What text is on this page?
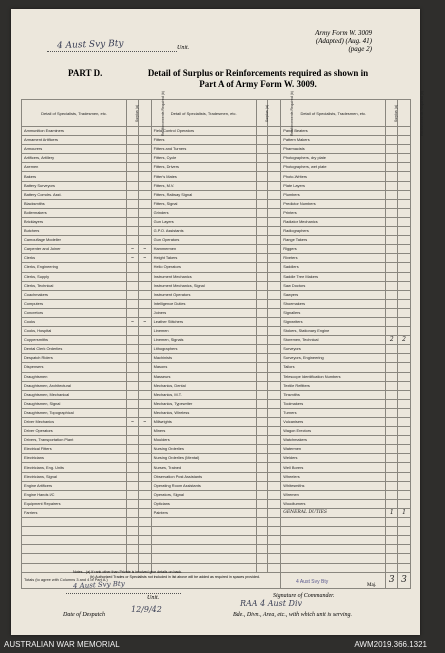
4 Aust Svy Bty	Unit.
Army Form W. 3009
(Adapted) (Aug. 41)
(page 2)
PART D.	Detail of Surplus or Reinforcements required as shown in
Part A of Army Form W. 3009.
Detail of Specialists, Tradesmen, etc.	Surplus (a)	Reinforcements Required (b)	Detail of Specialists, Tradesmen, etc.	Surplus (a)	Reinforcements Required (b)	Detail of Specialists, Tradesmen, etc.	Surplus (a)	Reinforcements Required (b)
Ammunition Examiners			Field Control Operators			Panel Beaters		
Armament Artificers			Fitters			Pattern Makers		
Armourers			Fitters and Turners			Pharmacists		
Artificers, Artillery			Fitters, Cycle			Photographers, dry plate		
Axemen			Fitters, Drivers			Photographers, wet plate		
Bakers			Fitter's Mates			Photo-Writers		
Battery Surveyors			Fitters, M.V.			Plate Layers		
Battery Comdrs. Asst.			Fitters, Railway Signal			Plumbers		
Blacksmiths			Fitters, Signal			Predictor Numbers		
Boilermakers			Grinders			Printers		
Bricklayers			Gun Layers			Radiator Mechanics		
Butchers			G.P.O. Assistants			Radiographers		
Camouflage Modeller			Gun Operators			Range Takers		
Carpenter and Joiner	–	–	Hammermen			Riggers		
Clerks	–	–	Height Takers			Riveters		
Clerks, Engineering			Helio Operators			Saddlers		
Clerks, Supply			Instrument Mechanics			Saddle Tree Makers		
Clerks, Technical			Instrument Mechanics, Signal			Saw Doctors		
Coachmakers			Instrument Operators			Sawyers		
Computers			Intelligence Duties			Shoemakers		
Concretors			Joiners			Signallers		
Cooks	–	–	Leather Stitchers			Signwriters		
Cooks, Hospital			Linemen			Stokers, Stationary Engine		
Coppersmiths			Linemen, Signals			Storemen, Technical	2	2
Dental Clerk Orderlies			Lithographers			Surveyors		
Despatch Riders			Machinists			Surveyors, Engineering		
Dispensers			Masons			Tailors		
Draughtsmen			Masseurs			Telescope Identification Numbers		
Draughtsmen, Architectural			Mechanics, Dental			Textile Refitters		
Draughtsmen, Mechanical			Mechanics, M.T.			Tinsmiths		
Draughtsmen, Signal			Mechanics, Typewriter			Toolmakers		
Draughtsmen, Topographical			Mechanics, Wireless			Turners		
Driver Mechanics	–	–	Millwrights			Vulcanisers		
Driver Operators			Miners			Wagon Erectors		
Drivers, Transportation Plant			Moulders			Watchmakers		
Electrical Fitters			Nursing Orderlies			Watermen		
Electricians			Nursing Orderlies (Mental)			Welders		
Electricians, Eng. Units			Nurses, Trained			Well Borers		
Electricians, Signal			Observation Post Assistants			Wheelers		
Engine Artificers			Operating Room Assistants			Whitesmiths		
Engine Hands I/C			Operators, Signal			Wiremen		
Equipment Repairers			Opticians			Woodturners		
Farriers			Painters			GENERAL DUTIES	1	1

Totals (to agree with Columns 3 and 4 of Part A.)							3	3
Notes—(a) If rank other than Private is involved give details on back.
(b) Authorized Trades or Specialists not included in list above will be added as required in spaces provided.
4 Aust Svy Bty
Unit.
Date of Despatch
12/9/42
4 Aust Svy Bty
Maj.
Signature of Commander.
RAA 4 Aust Div
Bde., Divn., Area, etc., with which unit is serving.
AUSTRALIAN WAR MEMORIAL	AWM2019.366.1321
